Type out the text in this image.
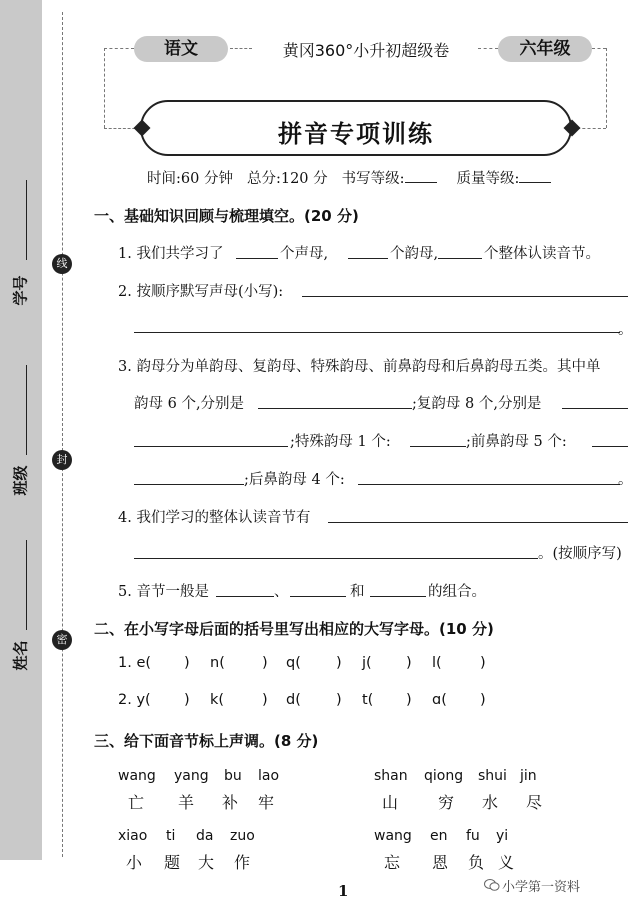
学号
班级
姓名
线
封
密
语文	黄冈360°小升初超级卷	六年级
拼音专项训练
时间:60 分钟 总分:120 分 书写等级:	质量等级:
一、基础知识回顾与梳理填空。(20 分)
1. 我们共学习了	个声母,	个韵母,	个整体认读音节。
2. 按顺序默写声母(小写):
。
3. 韵母分为单韵母、复韵母、特殊韵母、前鼻韵母和后鼻韵母五类。其中单
韵母 6 个,分别是	;复韵母 8 个,分别是
;特殊韵母 1 个:	;前鼻韵母 5 个:
;后鼻韵母 4 个:	。
4. 我们学习的整体认读音节有
。(按顺序写)
5. 音节一般是	、	和	的组合。
二、在小写字母后面的括号里写出相应的大写字母。(10 分)
1. e( ) n(	) q( ) j( ) l(	)
2. y( ) k(	) d( ) t( ) ɑ( )
三、给下面音节标上声调。(8 分)
wang yang bu lao
亡 羊 补 牢
shan qiong shui jin
山 穷 水 尽
xiao ti da zuo
小 题 大 作
wang en fu yi
忘 恩 负 义
1	小学第一资料
